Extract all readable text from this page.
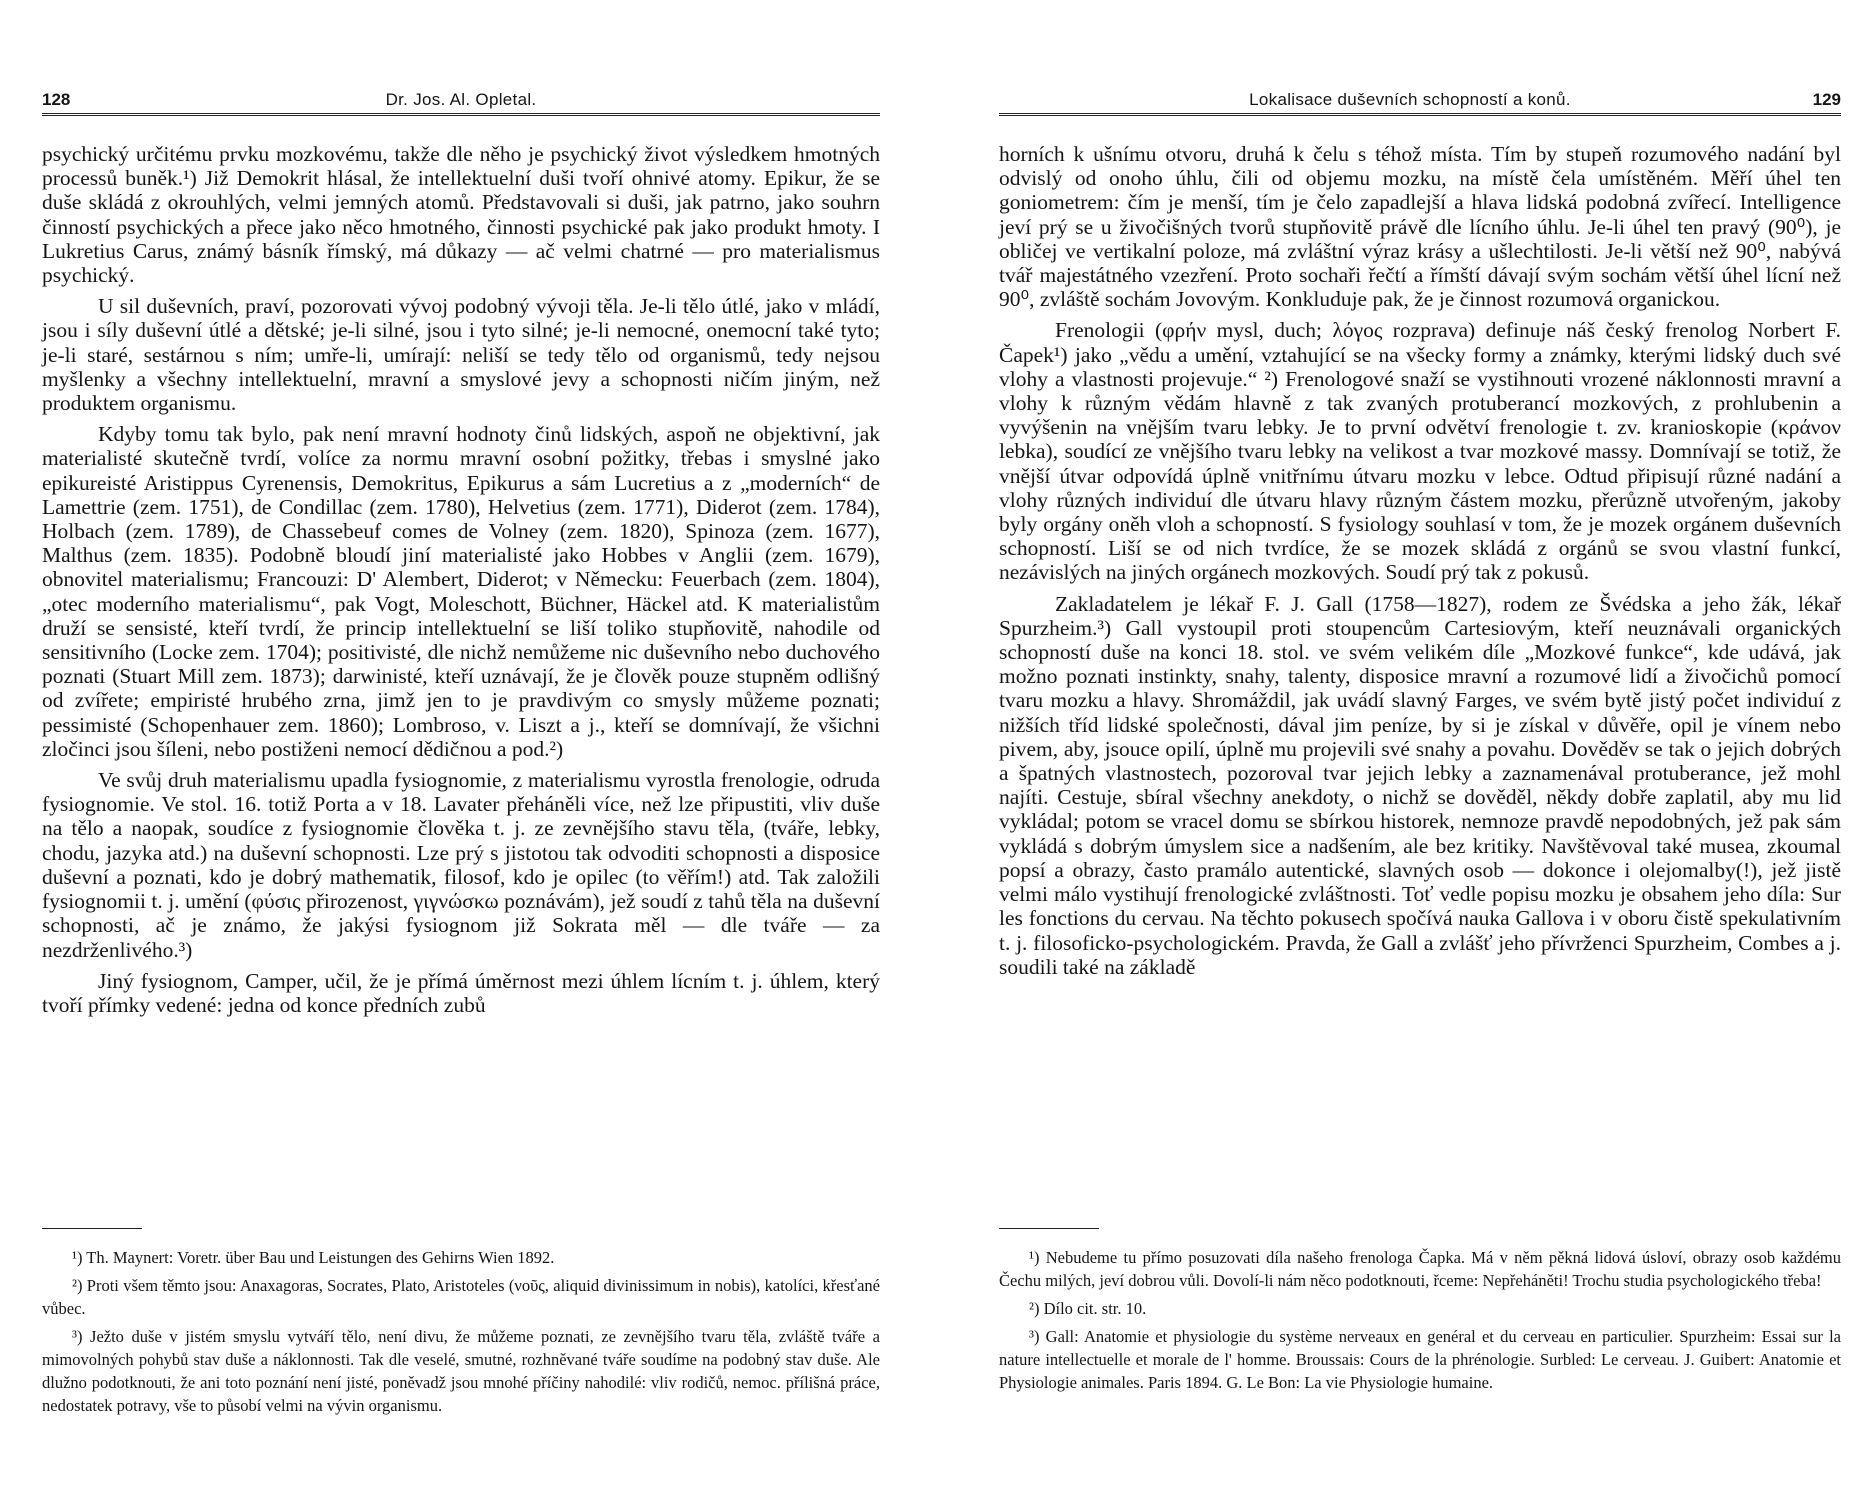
128	Dr. Jos. Al. Opletal.

psychický určitému prvku mozkovému, takže dle něho je psychický život výsledkem hmotných processů buněk.¹) Již Demokrit hlásal, že intellektuelní duši tvoří ohnivé atomy. Epikur, že se duše skládá z okrouhlých, velmi jemných atomů. Představovali si duši, jak patrno, jako souhrn činností psychických a přece jako něco hmotného, činnosti psychické pak jako produkt hmoty. I Lukretius Carus, známý básník římský, má důkazy — ač velmi chatrné — pro materialismus psychický.

U sil duševních, praví, pozorovati vývoj podobný vývoji těla. Je-li tělo útlé, jako v mládí, jsou i síly duševní útlé a dětské; je-li silné, jsou i tyto silné; je-li nemocné, onemocní také tyto; je-li staré, sestárnou s ním; umře-li, umírají: neliší se tedy tělo od organismů, tedy nejsou myšlenky a všechny intellektuelní, mravní a smyslové jevy a schopnosti ničím jiným, než produktem organismu.

Kdyby tomu tak bylo, pak není mravní hodnoty činů lidských, aspoň ne objektivní, jak materialisté skutečně tvrdí, volíce za normu mravní osobní požitky, třebas i smyslné jako epikureisté Aristippus Cyrenensis, Demokritus, Epikurus a sám Lucretius a z „moderních“ de Lamettrie (zem. 1751), de Condillac (zem. 1780), Helvetius (zem. 1771), Diderot (zem. 1784), Holbach (zem. 1789), de Chassebeuf comes de Volney (zem. 1820), Spinoza (zem. 1677), Malthus (zem. 1835). Podobně bloudí jiní materialisté jako Hobbes v Anglii (zem. 1679), obnovitel materialismu; Francouzi: D' Alembert, Diderot; v Německu: Feuerbach (zem. 1804), „otec moderního materialismu“, pak Vogt, Moleschott, Büchner, Häckel atd. K materialistům druží se sensisté, kteří tvrdí, že princip intellektuelní se liší toliko stupňovitě, nahodile od sensitivního (Locke zem. 1704); positivisté, dle nichž nemůžeme nic duševního nebo duchového poznati (Stuart Mill zem. 1873); darwinisté, kteří uznávají, že je člověk pouze stupněm odlišný od zvířete; empiristé hrubého zrna, jimž jen to je pravdivým co smysly můžeme poznati; pessimisté (Schopenhauer zem. 1860); Lombroso, v. Liszt a j., kteří se domnívají, že všichni zločinci jsou šíleni, nebo postiženi nemocí dědičnou a pod.²)

Ve svůj druh materialismu upadla fysiognomie, z materialismu vyrostla frenologie, odruda fysiognomie. Ve stol. 16. totiž Porta a v 18. Lavater přeháněli více, než lze připustiti, vliv duše na tělo a naopak, soudíce z fysiognomie člověka t. j. ze zevnějšího stavu těla, (tváře, lebky, chodu, jazyka atd.) na duševní schopnosti. Lze prý s jistotou tak odvoditi schopnosti a disposice duševní a poznati, kdo je dobrý mathematik, filosof, kdo je opilec (to věřím!) atd. Tak založili fysiognomii t. j. umění (φύσις přirozenost, γιγνώσκω poznávám), jež soudí z tahů těla na duševní schopnosti, ač je známo, že jakýsi fysiognom již Sokrata měl — dle tváře — za nezdrženlivého.³)

Jiný fysiognom, Camper, učil, že je přímá úměrnost mezi úhlem lícním t. j. úhlem, který tvoří přímky vedené: jedna od konce předních zubů

¹) Th. Maynert: Voretr. über Bau und Leistungen des Gehirns Wien 1892.

²) Proti všem těmto jsou: Anaxagoras, Socrates, Plato, Aristoteles (νοῦς, aliquid divinissimum in nobis), katolíci, křesťané vůbec.

³) Ježto duše v jistém smyslu vytváří tělo, není divu, že můžeme poznati, ze zevnějšího tvaru těla, zvláště tváře a mimovolných pohybů stav duše a náklonnosti. Tak dle veselé, smutné, rozhněvané tváře soudíme na podobný stav duše. Ale dlužno podotknouti, že ani toto poznání není jisté, poněvadž jsou mnohé příčiny nahodilé: vliv rodičů, nemoc. přílišná práce, nedostatek potravy, vše to působí velmi na vývin organismu.

Lokalisace duševních schopností a konů.	129

horních k ušnímu otvoru, druhá k čelu s téhož místa. Tím by stupeň rozumového nadání byl odvislý od onoho úhlu, čili od objemu mozku, na místě čela umístěném. Měří úhel ten goniometrem: čím je menší, tím je čelo zapadlejší a hlava lidská podobná zvířecí. Intelligence jeví prý se u živočišných tvorů stupňovitě právě dle lícního úhlu. Je-li úhel ten pravý (90⁰), je obličej ve vertikalní poloze, má zvláštní výraz krásy a ušlechtilosti. Je-li větší než 90⁰, nabývá tvář majestátného vzezření. Proto sochaři řečtí a římští dávají svým sochám větší úhel lícní než 90⁰, zvláště sochám Jovovým. Konkluduje pak, že je činnost rozumová organickou.

Frenologii (φρήν mysl, duch; λόγος rozprava) definuje náš český frenolog Norbert F. Čapek¹) jako „vědu a umění, vztahující se na všecky formy a známky, kterými lidský duch své vlohy a vlastnosti projevuje.“ ²) Frenologové snaží se vystihnouti vrozené náklonnosti mravní a vlohy k různým vědám hlavně z tak zvaných protuberancí mozkových, z prohlubenin a vyvýšenin na vnějším tvaru lebky. Je to první odvětví frenologie t. zv. kranioskopie (κράνον lebka), soudící ze vnějšího tvaru lebky na velikost a tvar mozkové massy. Domnívají se totiž, že vnější útvar odpovídá úplně vnitřnímu útvaru mozku v lebce. Odtud připisují různé nadání a vlohy různých individuí dle útvaru hlavy různým částem mozku, přerůzně utvořeným, jakoby byly orgány oněh vloh a schopností. S fysiology souhlasí v tom, že je mozek orgánem duševních schopností. Liší se od nich tvrdíce, že se mozek skládá z orgánů se svou vlastní funkcí, nezávislých na jiných orgánech mozkových. Soudí prý tak z pokusů.

Zakladatelem je lékař F. J. Gall (1758—1827), rodem ze Švédska a jeho žák, lékař Spurzheim.³) Gall vystoupil proti stoupencům Cartesiovým, kteří neuznávali organických schopností duše na konci 18. stol. ve svém velikém díle „Mozkové funkce“, kde udává, jak možno poznati instinkty, snahy, talenty, disposice mravní a rozumové lidí a živočichů pomocí tvaru mozku a hlavy. Shromáždil, jak uvádí slavný Farges, ve svém bytě jistý počet individuí z nižších tříd lidské společnosti, dával jim peníze, by si je získal v důvěře, opil je vínem nebo pivem, aby, jsouce opilí, úplně mu projevili své snahy a povahu. Dověděv se tak o jejich dobrých a špatných vlastnostech, pozoroval tvar jejich lebky a zaznamenával protuberance, jež mohl najíti. Cestuje, sbíral všechny anekdoty, o nichž se dověděl, někdy dobře zaplatil, aby mu lid vykládal; potom se vracel domu se sbírkou historek, nemnoze pravdě nepodobných, jež pak sám vykládá s dobrým úmyslem sice a nadšením, ale bez kritiky. Navštěvoval také musea, zkoumal popsí a obrazy, často pramálo autentické, slavných osob — dokonce i olejomalby(!), jež jistě velmi málo vystihují frenologické zvláštnosti. Toť vedle popisu mozku je obsahem jeho díla: Sur les fonctions du cervau. Na těchto pokusech spočívá nauka Gallova i v oboru čistě spekulativním t. j. filosoficko-psychologickém. Pravda, že Gall a zvlášť jeho přívrženci Spurzheim, Combes a j. soudili také na základě

¹) Nebudeme tu přímo posuzovati díla našeho frenologa Čapka. Má v něm pěkná lidová úsloví, obrazy osob každému Čechu milých, jeví dobrou vůli. Dovolí-li nám něco podotknouti, řceme: Nepřeháněti! Trochu studia psychologického třeba!

²) Dílo cit. str. 10.

³) Gall: Anatomie et physiologie du système nerveaux en genéral et du cerveau en particulier. Spurzheim: Essai sur la nature intellectuelle et morale de l' homme. Broussais: Cours de la phrénologie. Surbled: Le cerveau. J. Guibert: Anatomie et Physiologie animales. Paris 1894. G. Le Bon: La vie Physiologie humaine.
